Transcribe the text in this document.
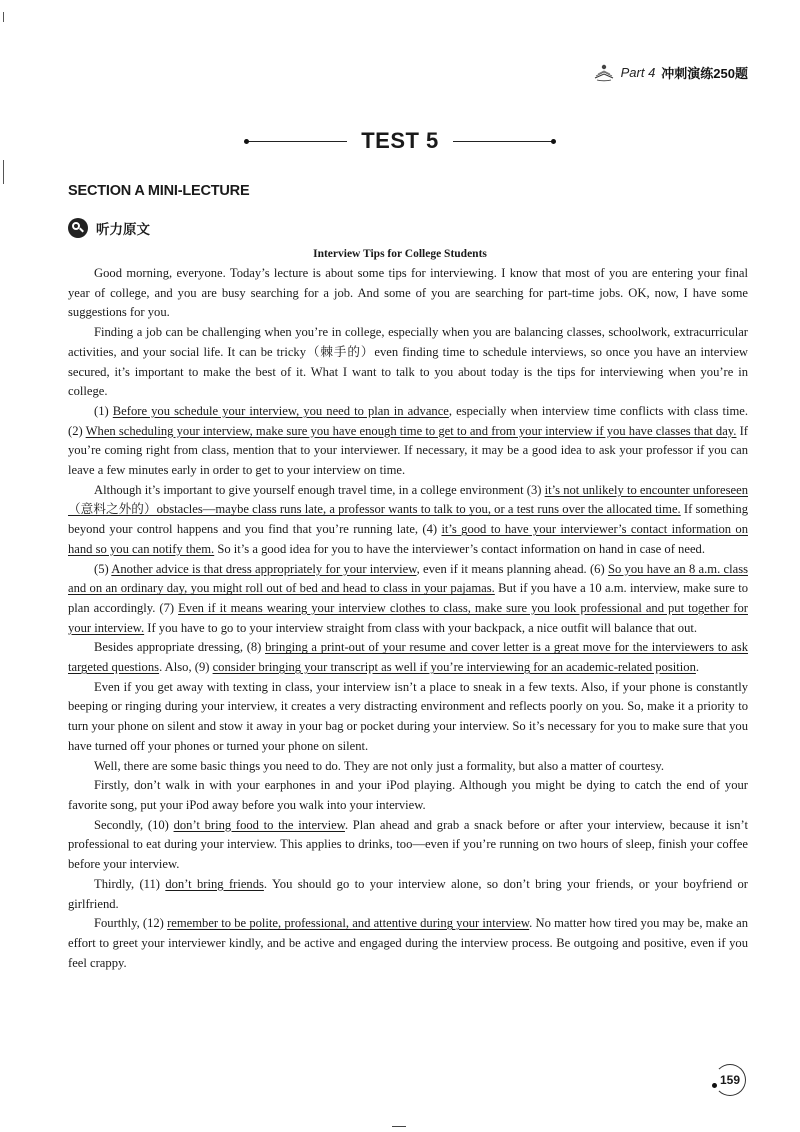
Part 4 冲刺演练250题
TEST 5
SECTION A MINI-LECTURE
听力原文
Interview Tips for College Students

Good morning, everyone. Today’s lecture is about some tips for interviewing. I know that most of you are entering your final year of college, and you are busy searching for a job. And some of you are searching for part-time jobs. OK, now, I have some suggestions for you.

Finding a job can be challenging when you’re in college, especially when you are balancing classes, schoolwork, extracurricular activities, and your social life. It can be tricky（棘手的）even finding time to schedule interviews, so once you have an interview secured, it’s important to make the best of it. What I want to talk to you about today is the tips for interviewing when you’re in college.

(1) Before you schedule your interview, you need to plan in advance, especially when interview time conflicts with class time. (2) When scheduling your interview, make sure you have enough time to get to and from your interview if you have classes that day. If you’re coming right from class, mention that to your interviewer. If necessary, it may be a good idea to ask your professor if you can leave a few minutes early in order to get to your interview on time.

Although it’s important to give yourself enough travel time, in a college environment (3) it’s not unlikely to encounter unforeseen（意料之外的）obstacles—maybe class runs late, a professor wants to talk to you, or a test runs over the allocated time. If something beyond your control happens and you find that you’re running late, (4) it’s good to have your interviewer’s contact information on hand so you can notify them. So it’s a good idea for you to have the interviewer’s contact information on hand in case of need.

(5) Another advice is that dress appropriately for your interview, even if it means planning ahead. (6) So you have an 8 a.m. class and on an ordinary day, you might roll out of bed and head to class in your pajamas. But if you have a 10 a.m. interview, make sure to plan accordingly. (7) Even if it means wearing your interview clothes to class, make sure you look professional and put together for your interview. If you have to go to your interview straight from class with your backpack, a nice outfit will balance that out.

Besides appropriate dressing, (8) bringing a print-out of your resume and cover letter is a great move for the interviewers to ask targeted questions. Also, (9) consider bringing your transcript as well if you’re interviewing for an academic-related position.

Even if you get away with texting in class, your interview isn’t a place to sneak in a few texts. Also, if your phone is constantly beeping or ringing during your interview, it creates a very distracting environment and reflects poorly on you. So, make it a priority to turn your phone on silent and stow it away in your bag or pocket during your interview. So it’s necessary for you to make sure that you have turned off your phones or turned your phone on silent.

Well, there are some basic things you need to do. They are not only just a formality, but also a matter of courtesy.

Firstly, don’t walk in with your earphones in and your iPod playing. Although you might be dying to catch the end of your favorite song, put your iPod away before you walk into your interview.

Secondly, (10) don’t bring food to the interview. Plan ahead and grab a snack before or after your interview, because it isn’t professional to eat during your interview. This applies to drinks, too—even if you’re running on two hours of sleep, finish your coffee before your interview.

Thirdly, (11) don’t bring friends. You should go to your interview alone, so don’t bring your friends, or your boyfriend or girlfriend.

Fourthly, (12) remember to be polite, professional, and attentive during your interview. No matter how tired you may be, make an effort to greet your interviewer kindly, and be active and engaged during the interview process. Be outgoing and positive, even if you feel crappy.

159
